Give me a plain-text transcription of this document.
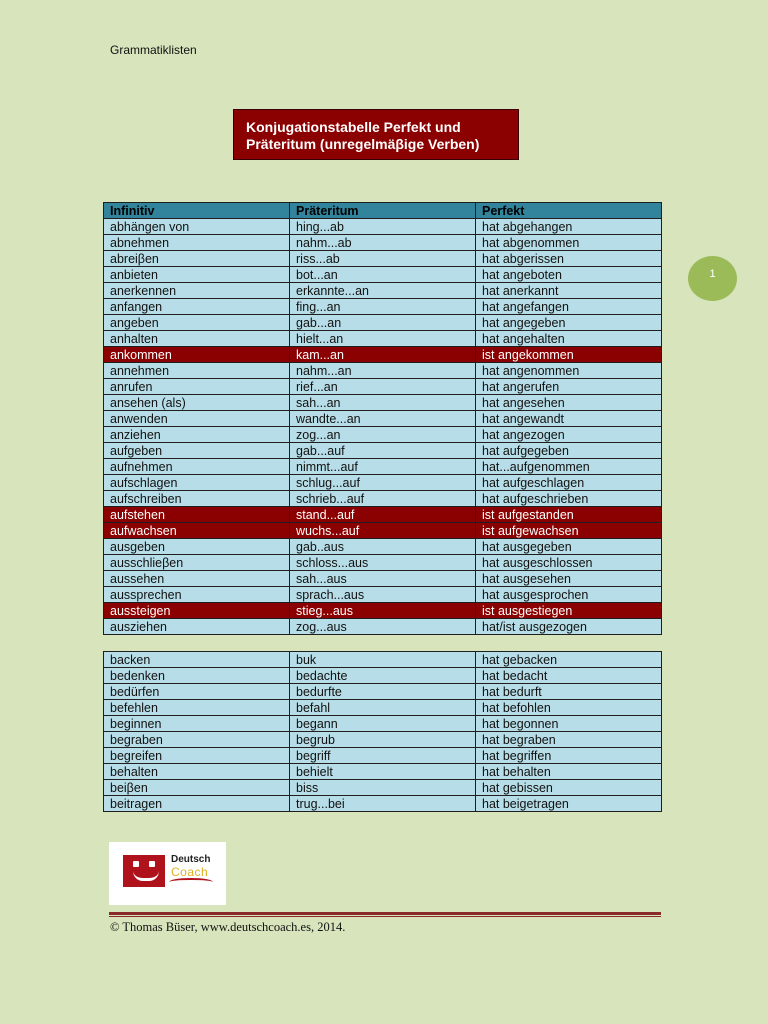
Grammatiklisten
Konjugationstabelle Perfekt und
Präteritum (unregelmäβige Verben)
1
Infinitiv	Präteritum	Perfekt
abhängen von	hing...ab	hat abgehangen
abnehmen	nahm...ab	hat abgenommen
abreiβen	riss...ab	hat abgerissen
anbieten	bot...an	hat angeboten
anerkennen	erkannte...an	hat anerkannt
anfangen	fing...an	hat angefangen
angeben	gab...an	hat angegeben
anhalten	hielt...an	hat angehalten
ankommen	kam...an	ist angekommen
annehmen	nahm...an	hat angenommen
anrufen	rief...an	hat angerufen
ansehen (als)	sah...an	hat angesehen
anwenden	wandte...an	hat angewandt
anziehen	zog...an	hat angezogen
aufgeben	gab...auf	hat aufgegeben
aufnehmen	nimmt...auf	hat...aufgenommen
aufschlagen	schlug...auf	hat aufgeschlagen
aufschreiben	schrieb...auf	hat aufgeschrieben
aufstehen	stand...auf	ist aufgestanden
aufwachsen	wuchs...auf	ist aufgewachsen
ausgeben	gab..aus	hat ausgegeben
ausschlieβen	schloss...aus	hat ausgeschlossen
aussehen	sah...aus	hat ausgesehen
aussprechen	sprach...aus	hat ausgesprochen
aussteigen	stieg...aus	ist ausgestiegen
ausziehen	zog...aus	hat/ist ausgezogen
backen	buk	hat gebacken
bedenken	bedachte	hat bedacht
bedürfen	bedurfte	hat bedurft
befehlen	befahl	hat befohlen
beginnen	begann	hat begonnen
begraben	begrub	hat begraben
begreifen	begriff	hat begriffen
behalten	behielt	hat behalten
beiβen	biss	hat gebissen
beitragen	trug...bei	hat beigetragen
Deutsch
Coach
© Thomas Büser, www.deutschcoach.es, 2014.
